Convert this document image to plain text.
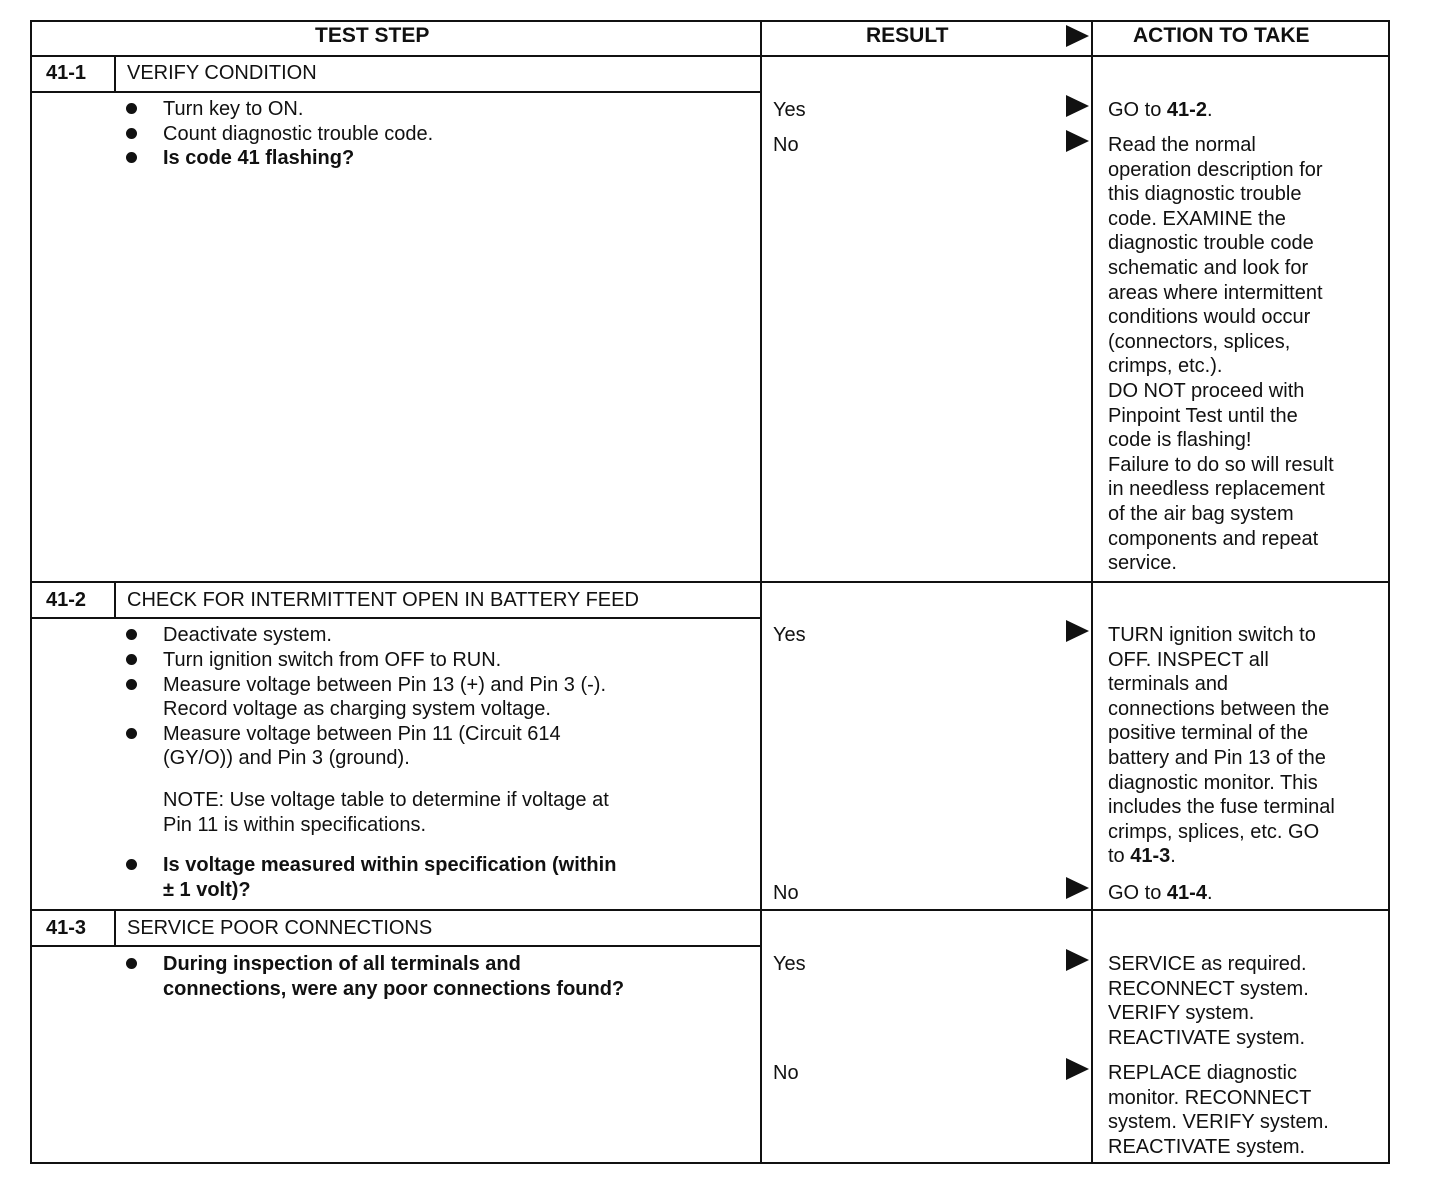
TEST STEP	RESULT	ACTION TO TAKE
41-1 VERIFY CONDITION
Turn key to ON.
Count diagnostic trouble code.
Is code 41 flashing?
Yes	GO to 41-2.
No	Read the normal
operation description for
this diagnostic trouble
code. EXAMINE the
diagnostic trouble code
schematic and look for
areas where intermittent
conditions would occur
(connectors, splices,
crimps, etc.).
DO NOT proceed with
Pinpoint Test until the
code is flashing!
Failure to do so will result
in needless replacement
of the air bag system
components and repeat
service.
41-2 CHECK FOR INTERMITTENT OPEN IN BATTERY FEED
Deactivate system.
Turn ignition switch from OFF to RUN.
Measure voltage between Pin 13 (+) and Pin 3 (-).
Record voltage as charging system voltage.
Measure voltage between Pin 11 (Circuit 614
(GY/O)) and Pin 3 (ground).
NOTE: Use voltage table to determine if voltage at
Pin 11 is within specifications.
Is voltage measured within specification (within
± 1 volt)?
Yes	TURN ignition switch to
OFF. INSPECT all
terminals and
connections between the
positive terminal of the
battery and Pin 13 of the
diagnostic monitor. This
includes the fuse terminal
crimps, splices, etc. GO
to 41-3.
No	GO to 41-4.
41-3 SERVICE POOR CONNECTIONS
During inspection of all terminals and
connections, were any poor connections found?
Yes	SERVICE as required.
RECONNECT system.
VERIFY system.
REACTIVATE system.
No	REPLACE diagnostic
monitor. RECONNECT
system. VERIFY system.
REACTIVATE system.
